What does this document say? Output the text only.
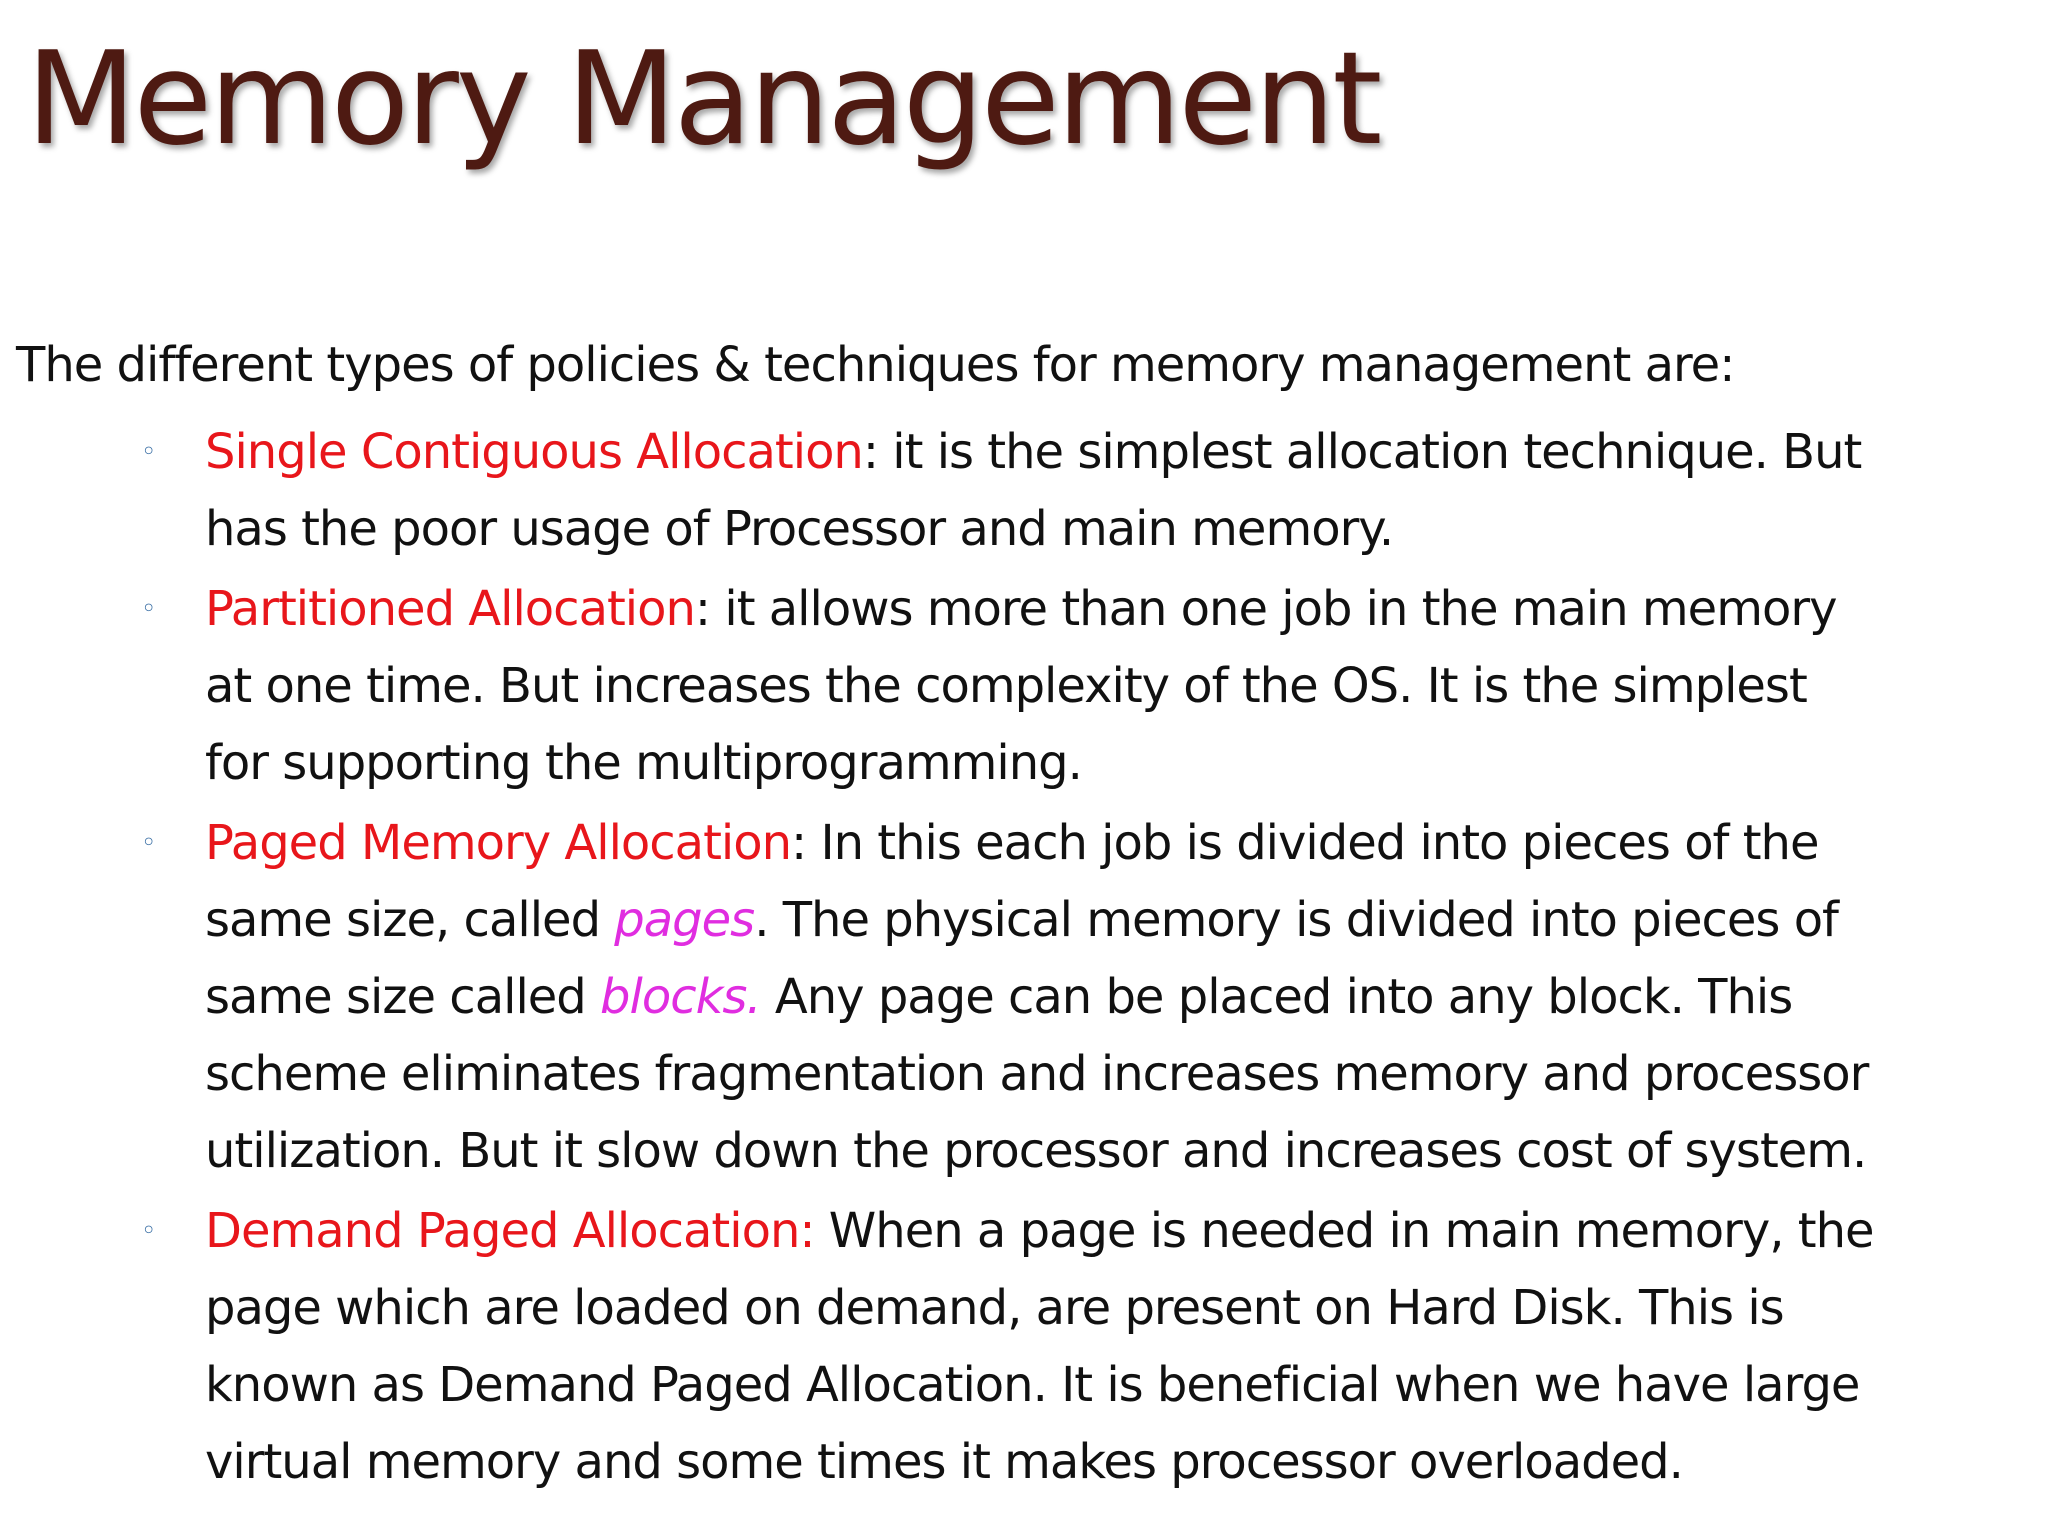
Memory Management

The different types of policies & techniques for memory management are:

◦ Single Contiguous Allocation: it is the simplest allocation technique. But
has the poor usage of Processor and main memory.
◦ Partitioned Allocation: it allows more than one job in the main memory
at one time. But increases the complexity of the OS. It is the simplest
for supporting the multiprogramming.
◦ Paged Memory Allocation: In this each job is divided into pieces of the
same size, called pages. The physical memory is divided into pieces of
same size called blocks. Any page can be placed into any block. This
scheme eliminates fragmentation and increases memory and processor
utilization. But it slow down the processor and increases cost of system.
◦ Demand Paged Allocation: When a page is needed in main memory, the
page which are loaded on demand, are present on Hard Disk. This is
known as Demand Paged Allocation. It is beneficial when we have large
virtual memory and some times it makes processor overloaded.
